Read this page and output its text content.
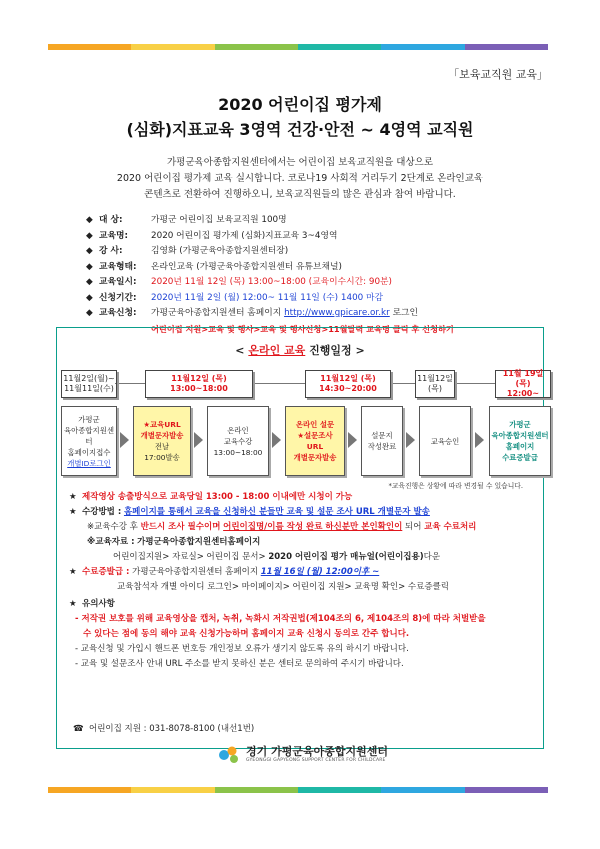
「보육교직원 교육」
2020 어린이집 평가제
(심화)지표교육 3영역 건강·안전 ~ 4영역 교직원
가평군육아종합지원센터에서는 어린이집 보육교직원을 대상으로
2020 어린이집 평가제 교육 실시합니다. 코로나19 사회적 거리두기 2단계로 온라인교육
콘텐츠로 전환하여 진행하오니, 보육교직원들의 많은 관심과 참여 바랍니다.
◆ 대 상:	가평군 어린이집 보육교직원 100명
◆ 교육명:	2020 어린이집 평가제 (심화)지표교육 3~4영역
◆ 강 사:	김영화 (가평군육아종합지원센터장)
◆ 교육형태:	온라인교육 (가평군육아종합지원센터 유튜브채널)
◆ 교육일시:	2020년 11월 12일 (목) 13:00~18:00 (교육이수시간: 90분)
◆ 신청기간:	2020년 11월 2일 (월) 12:00~ 11월 11일 (수) 1400 마감
◆ 교육신청:	가평군육아종합지원센터 홈페이지
http://www.gpicare.or.kr
로그인
어린이집 지원>교육 및 행사>교육 및 행사신청>11월달력 교육명 클릭 후 신청하기
< 온라인 교육 진행일정 >
11월2일(월)~
11월11일(수)
11월12일 (목) 13:00~18:00
11월12일 (목) 14:30~20:00
11월12일
(목)
11월 19일 (목)
12:00~
가평군
육아종합지원센터
홈페이지접수
개별ID로그인
★교육URL
개별문자발송
전날
17:00발송
온라인
교육수강
13:00~18:00
온라인 설문
★설문조사
URL
개별문자발송
설문지
작성완료
교육승인
가평군
육아종합지원센터
홈페이지
수료증발급
*교육진행은 상황에 따라 변경될 수 있습니다.
★ 제작영상 송출방식으로 교육당일 13:00 - 18:00 이내에만 시청이 가능
★ 수강방법 : 홈페이지를 통해서 교육을 신청하신 분들만 교육 및 설문 조사 URL 개별문자 발송
※교육수강 후 반드시 조사 필수이며 어린이집명/이름 작성 완료 하신분만 본인확인이 되어 교육 수료처리
※교육자료 : 가평군육아종합지원센터홈페이지
어린이집지원> 자료실> 어린이집 문서> 2020 어린이집 평가 매뉴얼(어린이집용)다운
★ 수료증발급 : 가평군육아종합지원센터 홈페이지 11월 16일 (월) 12:00이후 ~
교육참석자 개별 아이디 로그인> 마이페이지> 어린이집 지원> 교육명 확인> 수료증클릭
★ 유의사항
- 저작권 보호를 위해 교육영상을 캡처, 녹취, 녹화시 저작권법(제104조의 6, 제104조의 8)에 따라 처벌받을
수 있다는 점에 동의 해야 교육 신청가능하며 홈페이지 교육 신청시 동의로 간주 합니다.
- 교육신청 및 가입시 핸드폰 번호등 개인정보 오류가 생기지 않도록 유의 하시기 바랍니다.
- 교육 및 설문조사 안내 URL 주소를 받지 못하신 분은 센터로 문의하여 주시기 바랍니다.
☎ 어린이집 지원 : 031-8078-8100 (내선1번)
경기 가평군육아종합지원센터
GYEONGGI GAPYEONG SUPPORT CENTER FOR CHILDCARE
